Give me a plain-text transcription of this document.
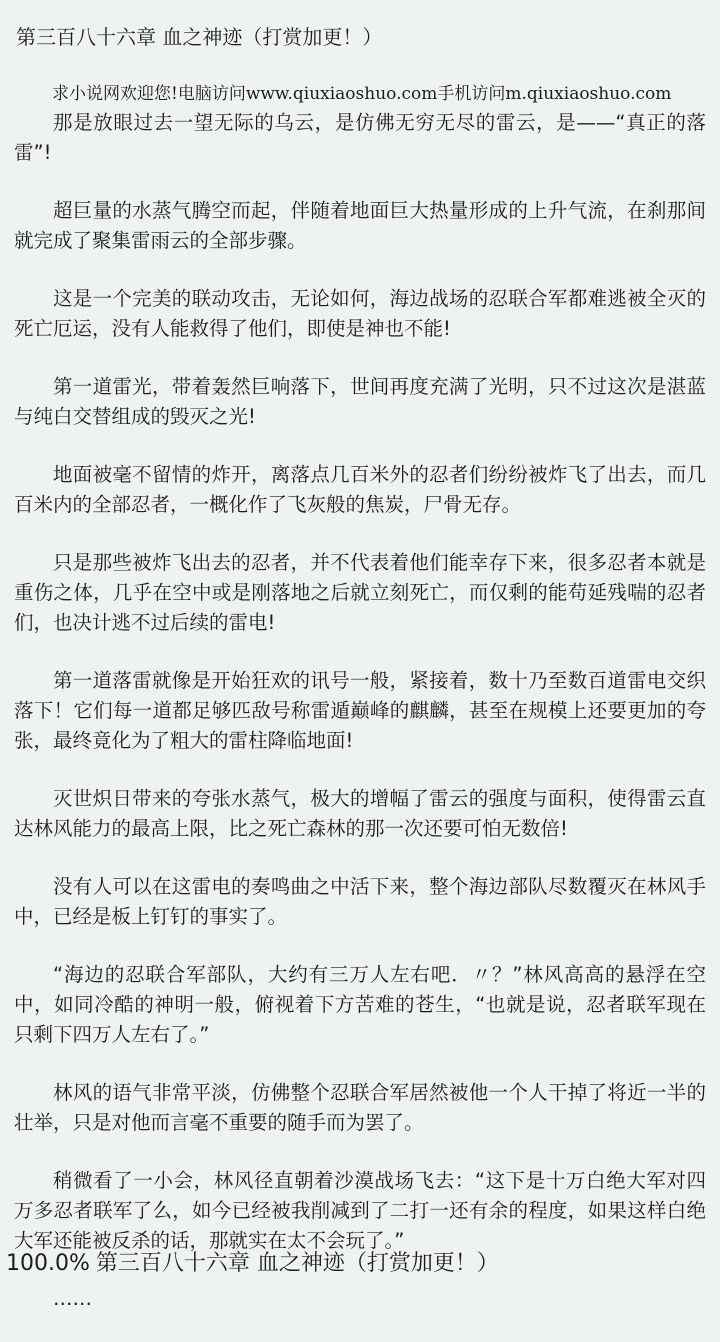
第三百八十六章 血之神迹（打赏加更！）

求小说网欢迎您!电脑访问www.qiuxiaoshuo.com手机访问m.qiuxiaoshuo.com

那是放眼过去一望无际的乌云，是仿佛无穷无尽的雷云，是——“真正的落雷”!

超巨量的水蒸气腾空而起，伴随着地面巨大热量形成的上升气流，在刹那间就完成了聚集雷雨云的全部步骤。

这是一个完美的联动攻击，无论如何，海边战场的忍联合军都难逃被全灭的死亡厄运，没有人能救得了他们，即使是神也不能!

第一道雷光，带着轰然巨响落下，世间再度充满了光明，只不过这次是湛蓝与纯白交替组成的毁灭之光!

地面被毫不留情的炸开，离落点几百米外的忍者们纷纷被炸飞了出去，而几百米内的全部忍者，一概化作了飞灰般的焦炭，尸骨无存。

只是那些被炸飞出去的忍者，并不代表着他们能幸存下来，很多忍者本就是重伤之体，几乎在空中或是刚落地之后就立刻死亡，而仅剩的能苟延残喘的忍者们，也决计逃不过后续的雷电!

第一道落雷就像是开始狂欢的讯号一般，紧接着，数十乃至数百道雷电交织落下！它们每一道都足够匹敌号称雷遁巅峰的麒麟，甚至在规模上还要更加的夸张，最终竟化为了粗大的雷柱降临地面!

灭世炽日带来的夸张水蒸气，极大的增幅了雷云的强度与面积，使得雷云直达林风能力的最高上限，比之死亡森林的那一次还要可怕无数倍!

没有人可以在这雷电的奏鸣曲之中活下来，整个海边部队尽数覆灭在林风手中，已经是板上钉钉的事实了。

“海边的忍联合军部队，大约有三万人左右吧．〃？”林风高高的悬浮在空中，如同冷酷的神明一般，俯视着下方苦难的苍生，“也就是说，忍者联军现在只剩下四万人左右了。”

林风的语气非常平淡，仿佛整个忍联合军居然被他一个人干掉了将近一半的壮举，只是对他而言毫不重要的随手而为罢了。

稍微看了一小会，林风径直朝着沙漠战场飞去：“这下是十万白绝大军对四万多忍者联军了么，如今已经被我削减到了二打一还有余的程度，如果这样白绝大军还能被反杀的话，那就实在太不会玩了。”

……

100.0% 第三百八十六章 血之神迹（打赏加更！）
